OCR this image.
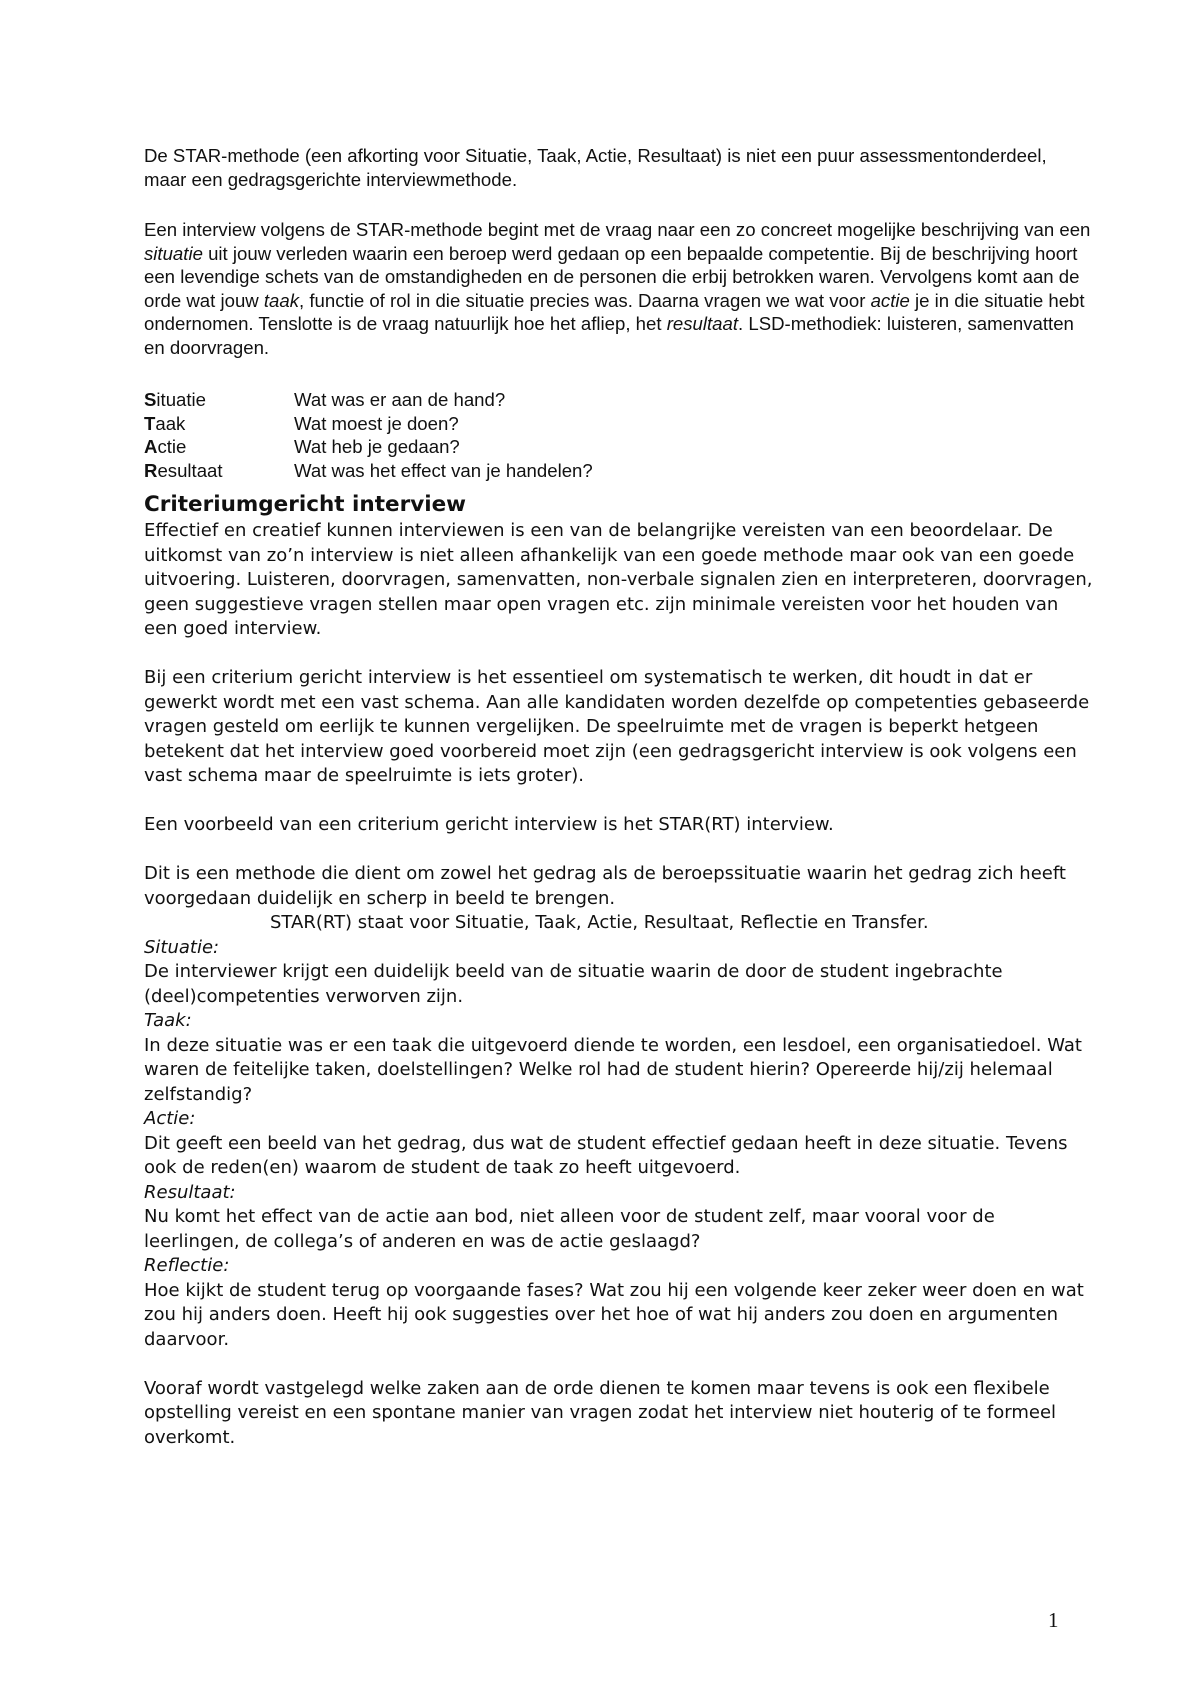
De STAR-methode (een afkorting voor Situatie, Taak, Actie, Resultaat) is niet een puur assessmentonderdeel, maar een gedragsgerichte interviewmethode.

Een interview volgens de STAR-methode begint met de vraag naar een zo concreet mogelijke beschrijving van een situatie uit jouw verleden waarin een beroep werd gedaan op een bepaalde competentie. Bij de beschrijving hoort een levendige schets van de omstandigheden en de personen die erbij betrokken waren. Vervolgens komt aan de orde wat jouw taak, functie of rol in die situatie precies was. Daarna vragen we wat voor actie je in die situatie hebt ondernomen. Tenslotte is de vraag natuurlijk hoe het afliep, het resultaat. LSD-methodiek: luisteren, samenvatten en doorvragen.

Situatie	Wat was er aan de hand?
Taak	Wat moest je doen?
Actie	Wat heb je gedaan?
Resultaat	Wat was het effect van je handelen?
Criteriumgericht interview

Effectief en creatief kunnen interviewen is een van de belangrijke vereisten van een beoordelaar. De uitkomst van zo’n interview is niet alleen afhankelijk van een goede methode maar ook van een goede uitvoering. Luisteren, doorvragen, samenvatten, non-verbale signalen zien en interpreteren, doorvragen, geen suggestieve vragen stellen maar open vragen etc. zijn minimale vereisten voor het houden van een goed interview.

Bij een criterium gericht interview is het essentieel om systematisch te werken, dit houdt in dat er gewerkt wordt met een vast schema. Aan alle kandidaten worden dezelfde op competenties gebaseerde vragen gesteld om eerlijk te kunnen vergelijken. De speelruimte met de vragen is beperkt hetgeen betekent dat het interview goed voorbereid moet zijn (een gedragsgericht interview is ook volgens een vast schema maar de speelruimte is iets groter).

Een voorbeeld van een criterium gericht interview is het STAR(RT) interview.

Dit is een methode die dient om zowel het gedrag als de beroepssituatie waarin het gedrag zich heeft voorgedaan duidelijk en scherp in beeld te brengen.

STAR(RT) staat voor Situatie, Taak, Actie, Resultaat, Reflectie en Transfer.

Situatie:

De interviewer krijgt een duidelijk beeld van de situatie waarin de door de student ingebrachte (deel)competenties verworven zijn.

Taak:

In deze situatie was er een taak die uitgevoerd diende te worden, een lesdoel, een organisatiedoel. Wat waren de feitelijke taken, doelstellingen? Welke rol had de student hierin? Opereerde hij/zij helemaal zelfstandig?

Actie:

Dit geeft een beeld van het gedrag, dus wat de student effectief gedaan heeft in deze situatie. Tevens ook de reden(en) waarom de student de taak zo heeft uitgevoerd.

Resultaat:

Nu komt het effect van de actie aan bod, niet alleen voor de student zelf, maar vooral voor de leerlingen, de collega’s of anderen en was de actie geslaagd?

Reflectie:

Hoe kijkt de student terug op voorgaande fases? Wat zou hij een volgende keer zeker weer doen en wat zou hij anders doen. Heeft hij ook suggesties over het hoe of wat hij anders zou doen en argumenten daarvoor.

Vooraf wordt vastgelegd welke zaken aan de orde dienen te komen maar tevens is ook een flexibele opstelling vereist en een spontane manier van vragen zodat het interview niet houterig of te formeel overkomt.

1
